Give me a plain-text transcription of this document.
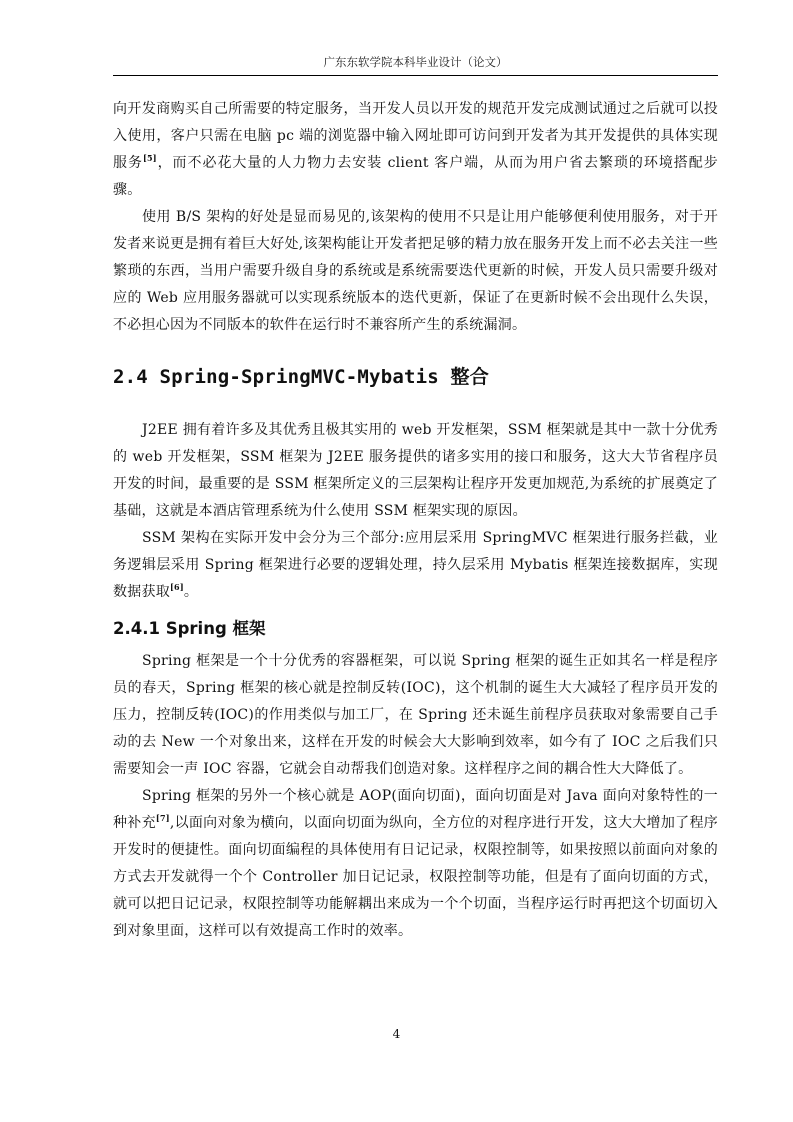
广东东软学院本科毕业设计（论文）

向开发商购买自己所需要的特定服务，当开发人员以开发的规范开发完成测试通过之后就可以投入使用，客户只需在电脑 pc 端的浏览器中输入网址即可访问到开发者为其开发提供的具体实现服务[5]，而不必花大量的人力物力去安装 client 客户端，从而为用户省去繁琐的环境搭配步骤。

使用 B/S 架构的好处是显而易见的,该架构的使用不只是让用户能够便利使用服务，对于开发者来说更是拥有着巨大好处,该架构能让开发者把足够的精力放在服务开发上而不必去关注一些繁琐的东西，当用户需要升级自身的系统或是系统需要迭代更新的时候，开发人员只需要升级对应的 Web 应用服务器就可以实现系统版本的迭代更新，保证了在更新时候不会出现什么失误，不必担心因为不同版本的软件在运行时不兼容所产生的系统漏洞。

2.4 Spring-SpringMVC-Mybatis 整合

J2EE 拥有着许多及其优秀且极其实用的 web 开发框架，SSM 框架就是其中一款十分优秀的 web 开发框架，SSM 框架为 J2EE 服务提供的诸多实用的接口和服务，这大大节省程序员开发的时间，最重要的是 SSM 框架所定义的三层架构让程序开发更加规范,为系统的扩展奠定了基础，这就是本酒店管理系统为什么使用 SSM 框架实现的原因。

SSM 架构在实际开发中会分为三个部分:应用层采用 SpringMVC 框架进行服务拦截，业务逻辑层采用 Spring 框架进行必要的逻辑处理，持久层采用 Mybatis 框架连接数据库，实现数据获取[6]。

2.4.1 Spring 框架

Spring 框架是一个十分优秀的容器框架，可以说 Spring 框架的诞生正如其名一样是程序员的春天，Spring 框架的核心就是控制反转(IOC)，这个机制的诞生大大减轻了程序员开发的压力，控制反转(IOC)的作用类似与加工厂，在 Spring 还未诞生前程序员获取对象需要自己手动的去 New 一个对象出来，这样在开发的时候会大大影响到效率，如今有了 IOC 之后我们只需要知会一声 IOC 容器，它就会自动帮我们创造对象。这样程序之间的耦合性大大降低了。

Spring 框架的另外一个核心就是 AOP(面向切面)，面向切面是对 Java 面向对象特性的一种补充[7],以面向对象为横向，以面向切面为纵向，全方位的对程序进行开发，这大大增加了程序开发时的便捷性。面向切面编程的具体使用有日记记录，权限控制等，如果按照以前面向对象的方式去开发就得一个个 Controller 加日记记录，权限控制等功能，但是有了面向切面的方式，就可以把日记记录，权限控制等功能解耦出来成为一个个切面，当程序运行时再把这个切面切入到对象里面，这样可以有效提高工作时的效率。

4
